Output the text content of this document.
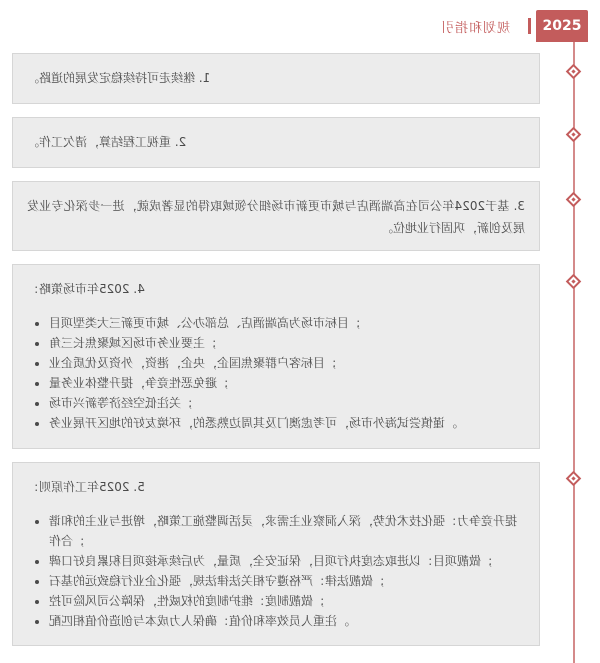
2025
规划和指引
1. 继续走可持续稳定发展的道路。
2. 重视工程结算，清欠工作。
3. 基于2024年公司在高端酒店与城市更新市场细分领域取得的显著成就，进一步深化专业发展及创新，巩固行业地位。
4. 2025年市场策略：
• 目标市场为高端酒店、总部办公、城市更新三大类型项目；
• 主要业务市场区域聚焦长三角；
• 目标客户群聚焦国企，央企，港资，外资及优质企业；
• 避免恶性竞争，提升整体业务量；
• 关注低空经济等新兴市场；
• 谨慎尝试海外市场，可考虑澳门及其周边熟悉的，环境友好的地区开展业务。
5. 2025年工作原则：
• 提升竞争力：强化技术优势，深入洞察业主需求，灵活调整施工策略，增进与业主的和谐合作；
• 做靓项目：以进取态度执行项目，保证安全，质量，为后续承接项目积累良好口碑；
• 做靓法律：严格遵守相关法律法规，强化企业行稳致远的基石；
• 做靓制度：维护制度的权威性，保障公司风险可控；
• 注重人员效率和价值：确保人力成本与创造价值相匹配。
